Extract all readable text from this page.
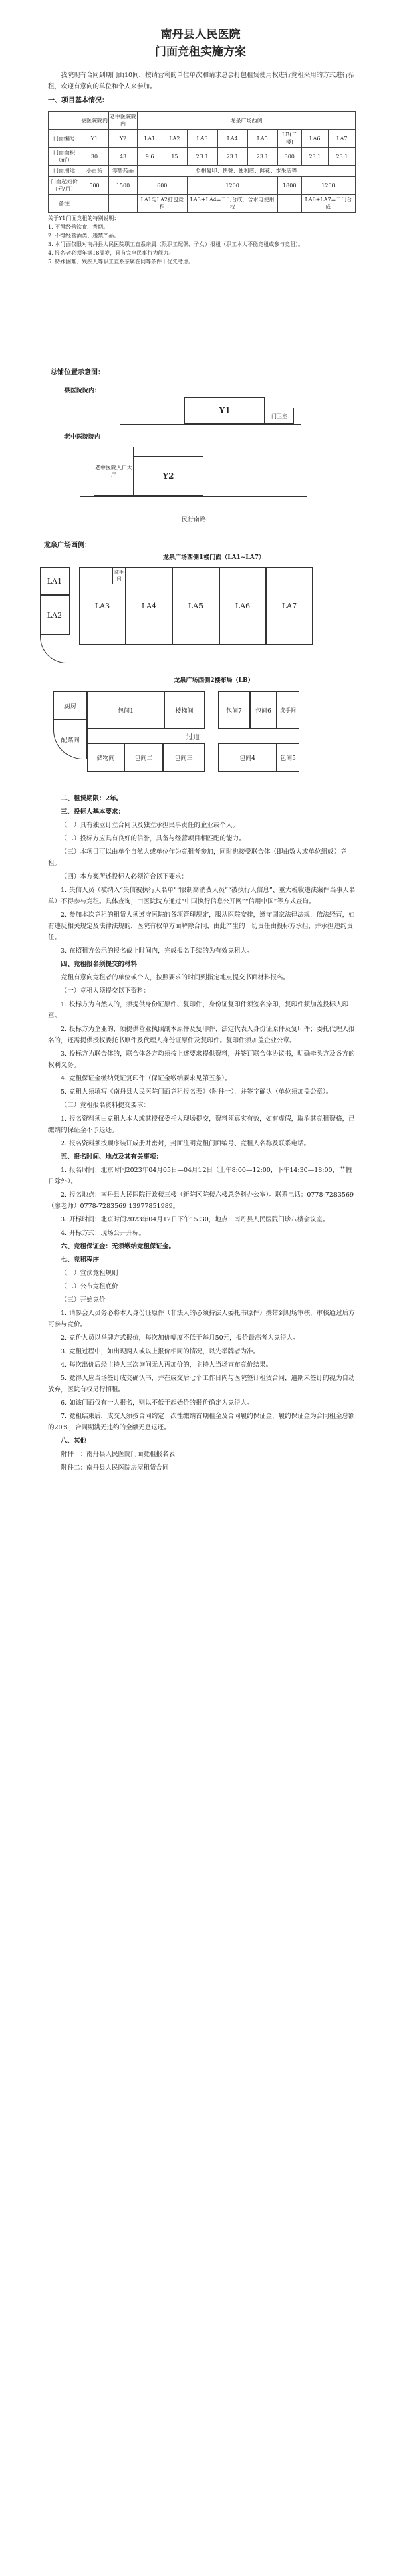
南丹县人民医院
门面竞租实施方案

我院现有合同到期门面10间，按请营利的单位单次和请求总会打包租赁使用权进行竞租采用的方式进行招租，欢迎有意向的单位和个人来参加。

一、项目基本情况：
	县医院院内	老中医院院内	龙泉广场西侧							
门面编号	Y1	Y2	LA1	LA2	LA3	LA4	LA5	LB(二楼)	LA6	LA7
门面面积（㎡）	30	43	9.6	15	23.1	23.1	23.1	300	23.1	23.1
门面用途	小百货	零售药品	照相复印、快餐、便利店、鲜花、水果店等							
门面起始价（元/月）	500	1500	600		1200			1800	1200	
备注			LA1与LA2打包竞租		LA3+LA4=二门合成，含水电使用权				LA6+LA7=二门合成	
关于Y1门面竞租的特别说明：
1. 不得经营饮食、香烟。
2. 不得经营酒类、违禁产品。
3. 本门面仅限对南丹县人民医院职工直系亲属（限职工配偶、子女）报租（职工本人不能竞租或参与竞租）。
4. 报名者必须年满18周岁，且有完全民事行为能力。
5. 特殊困难、残疾人等职工直系亲属在同等条件下优先考虑。
总铺位置示意图：
县医院院内：
Y1
门卫室
老中医院院内
老中医院入口大厅	Y2
民行南路
龙泉广场西侧：
龙泉广场西侧1楼门面（LA1~LA7）
LA1
LA2
LA3
洗手间
LA4	LA5	LA6	LA7
龙泉广场西侧2楼布局（LB）
厨房
包间1	楼梯间	包间7	包间6	洗手间
过道
配菜间
储物间	包间二	包间三	包间4	包间5

二、租赁期限：2年。

三、投标人基本要求：

（一）具有独立订立合同以及独立承担民事责任的企业或个人。

（二）投标方应具有良好的信誉，具备与经营项目相匹配的能力。

（三）本项目可以由单个自然人或单位作为竞租者参加，同时也接受联合体（即由数人或单位组成）竞租。

（四）本方案所述投标人必须符合以下要求：

1. 失信人员（被纳入“失信被执行人名单”“限制高消费人员”“被执行人信息”、重大税收违法案件当事人名单）不得参与竞租。具体查询，由医院院方通过“中国执行信息公开网”“信用中国”等方式查询。

2. 参加本次竞租的租赁人须遵守医院的各项管理规定，服从医院安排，遵守国家法律法规，依法经营，如有违反相关规定及法律法规的，医院有权单方面解除合同，由此产生的一切责任由投标方承担，并承担违约责任。

3. 在招租方公示的报名截止时间内，完成报名手续的为有效竞租人。

四、竞租报名须提交的材料

竞租有意向竞租者的单位或个人，按照要求的时间到指定地点提交书面材料报名。

（一）竞租人须提交以下资料：

1. 投标方为自然人的，须提供身份证原件、复印件，身份证复印件须签名捺印，复印件须加盖投标人印章。

2. 投标方为企业的，须提供营业执照副本原件及复印件、法定代表人身份证原件及复印件；委托代理人报名的，还需提供授权委托书原件及代理人身份证原件及复印件。复印件须加盖企业公章。

3. 投标方为联合体的，联合体各方均须按上述要求提供资料，并签订联合体协议书，明确牵头方及各方的权利义务。

4. 竞租保证金缴纳凭证复印件（保证金缴纳要求见第五条）。

5. 竞租人须填写《南丹县人民医院门面竞租报名表》（附件一），并签字确认（单位须加盖公章）。

（二）竞租报名资料提交要求：

1. 报名资料须由竞租人本人或其授权委托人现场提交，资料须真实有效，如有虚假，取消其竞租资格，已缴纳的保证金不予退还。

2. 报名资料须按顺序装订成册并密封，封面注明竞租门面编号、竞租人名称及联系电话。

五、报名时间、地点及其有关事项：

1. 报名时间：北京时间2023年04月05日—04月12日（上午8:00—12:00，下午14:30—18:00，节假日除外）。

2. 报名地点：南丹县人民医院行政楼三楼（新院区院楼六楼总务科办公室）。联系电话：0778-7283569（廖老师）0778-7283569 13977851989。

3. 开标时间：北京时间2023年04月12日下午15:30，地点：南丹县人民医院门诊八楼会议室。

4. 开标方式：现场公开开标。

六、竞租保证金：无须缴纳竞租保证金。

七、竞租程序

（一）宣读竞租规则

（二）公布竞租底价

（三）开始竞价

1. 请参会人员务必将本人身份证原件（非法人的必须持法人委托书原件）携带到现场审核，审核通过后方可参与竞价。

2. 竞价人员以举牌方式报价，每次加价幅度不低于每月50元，报价最高者为竞得人。

3. 竞租过程中，如出现两人或以上报价相同的情况，以先举牌者为准。

4. 每次出价后经主持人三次询问无人再加价的，主持人当场宣布竞价结果。

5. 竞得人应当场签订成交确认书，并在成交后七个工作日内与医院签订租赁合同，逾期未签订的视为自动放弃，医院有权另行招租。

6. 如该门面仅有一人报名，则以不低于起始价的报价确定为竞得人。

7. 竞租结束后，成交人须按合同约定一次性缴纳首期租金及合同履约保证金，履约保证金为合同租金总额的20%，合同期满无违约的全额无息退还。

八、其他

附件一：南丹县人民医院门面竞租报名表

附件二：南丹县人民医院房屋租赁合同
